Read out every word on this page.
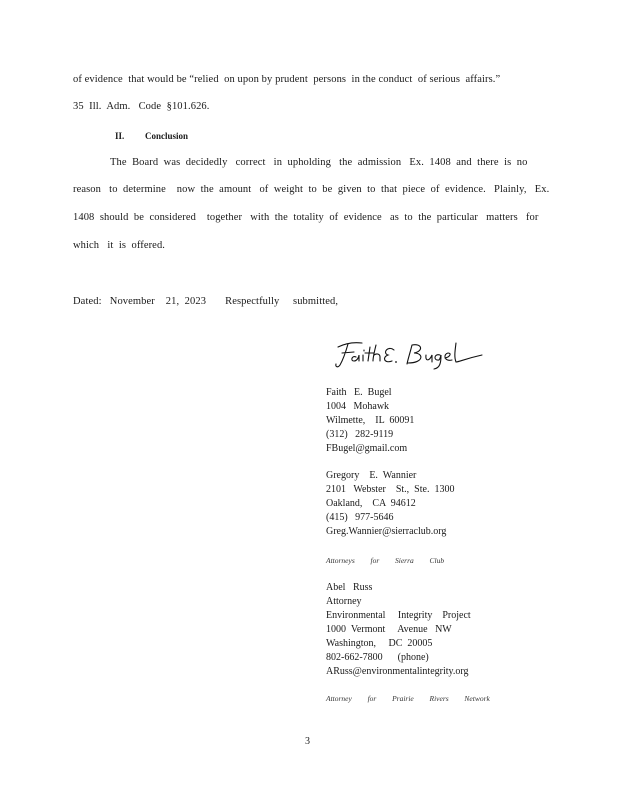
of evidence  that would be “relied  on upon by prudent  persons  in the conduct  of serious  affairs.”
35  Ill.  Adm.   Code  §101.626.
II. Conclusion
The  Board  was  decidedly   correct   in  upholding   the  admission   Ex.  1408  and  there  is  no
reason   to  determine    now  the  amount   of  weight  to  be  given  to  that  piece  of  evidence.   Plainly,   Ex.
1408  should  be  considered    together   with  the  totality  of  evidence   as  to  the  particular   matters   for
which   it  is  offered.
Dated:   November    21,  2023       Respectfully     submitted,
Faith   E.  Bugel
1004   Mohawk
Wilmette,    IL  60091
(312)   282-9119
FBugel@gmail.com
Gregory    E.  Wannier
2101   Webster    St.,  Ste.  1300
Oakland,    CA  94612
(415)   977-5646
Greg.Wannier@sierraclub.org
Attorneys  for  Sierra  Club
Abel   Russ
Attorney
Environmental     Integrity    Project
1000  Vermont     Avenue   NW
Washington,     DC  20005
802-662-7800      (phone)
ARuss@environmentalintegrity.org
Attorney  for  Prairie  Rivers  Network
3
